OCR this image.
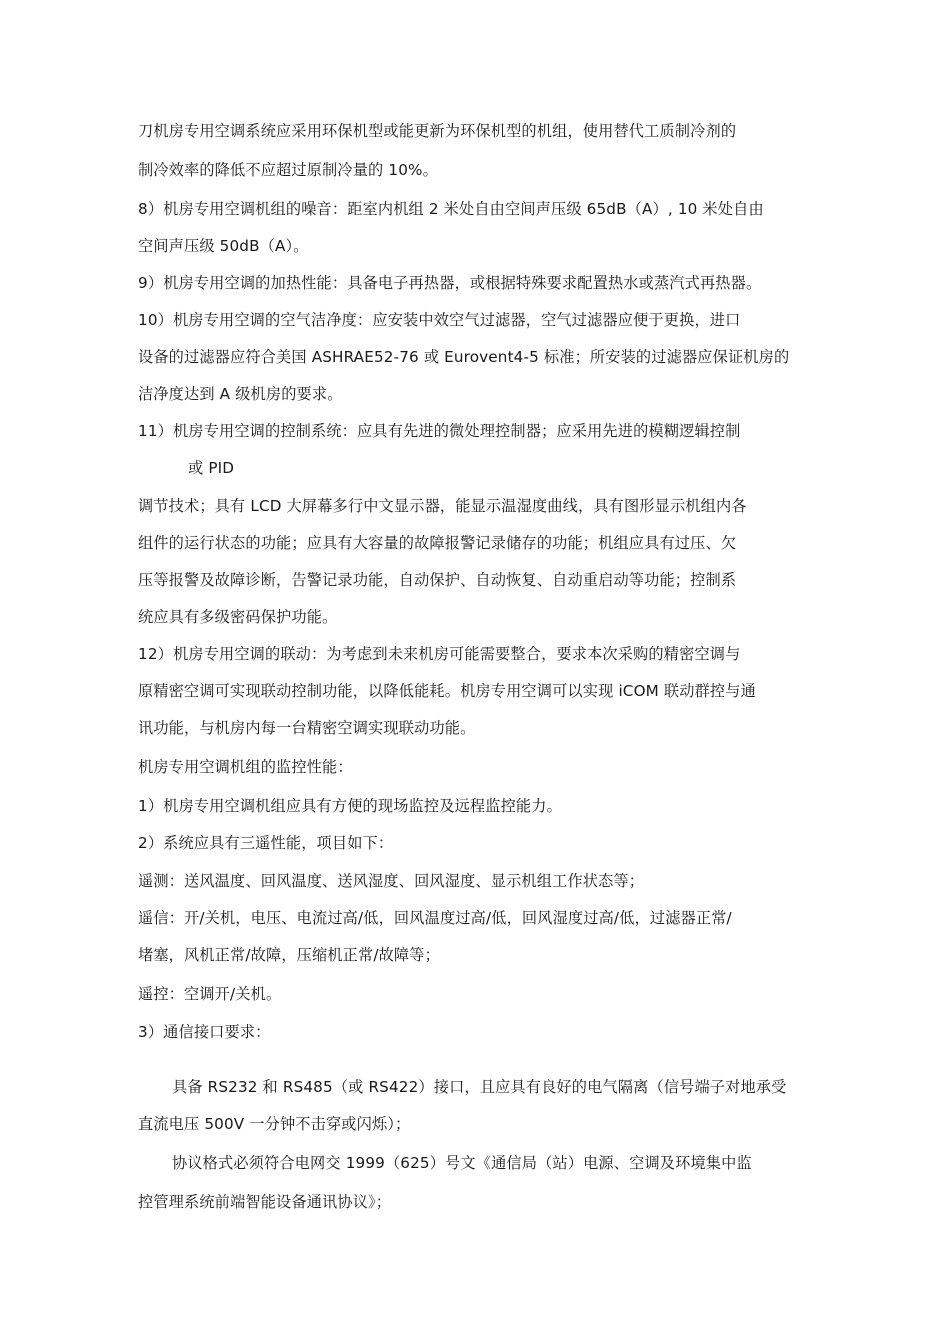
刀机房专用空调系统应采用环保机型或能更新为环保机型的机组，使用替代工质制冷剂的
制冷效率的降低不应超过原制冷量的 10%。
8）机房专用空调机组的噪音：距室内机组 2 米处自由空间声压级 65dB（A）, 10 米处自由
空间声压级 50dB（A）。
9）机房专用空调的加热性能：具备电子再热器，或根据特殊要求配置热水或蒸汽式再热器。
10）机房专用空调的空气洁净度：应安装中效空气过滤器，空气过滤器应便于更换，进口
设备的过滤器应符合美国 ASHRAE52-76 或 Eurovent4-5 标准；所安装的过滤器应保证机房的
洁净度达到 A 级机房的要求。
11）机房专用空调的控制系统：应具有先进的微处理控制器；应采用先进的模糊逻辑控制
或 PID
调节技术；具有 LCD 大屏幕多行中文显示器，能显示温湿度曲线，具有图形显示机组内各
组件的运行状态的功能；应具有大容量的故障报警记录储存的功能；机组应具有过压、欠
压等报警及故障诊断，告警记录功能，自动保护、自动恢复、自动重启动等功能；控制系
统应具有多级密码保护功能。
12）机房专用空调的联动：为考虑到未来机房可能需要整合，要求本次采购的精密空调与
原精密空调可实现联动控制功能，以降低能耗。机房专用空调可以实现 iCOM 联动群控与通
讯功能，与机房内每一台精密空调实现联动功能。
机房专用空调机组的监控性能：
1）机房专用空调机组应具有方便的现场监控及远程监控能力。
2）系统应具有三遥性能，项目如下：
遥测：送风温度、回风温度、送风湿度、回风湿度、显示机组工作状态等；
遥信：开/关机，电压、电流过高/低，回风温度过高/低，回风湿度过高/低，过滤器正常/
堵塞，风机正常/故障，压缩机正常/故障等；
遥控：空调开/关机。
3）通信接口要求：
具备 RS232 和 RS485（或 RS422）接口，且应具有良好的电气隔离（信号端子对地承受
直流电压 500V 一分钟不击穿或闪烁）；
协议格式必须符合电网交 1999（625）号文《通信局（站）电源、空调及环境集中监
控管理系统前端智能设备通讯协议》；
